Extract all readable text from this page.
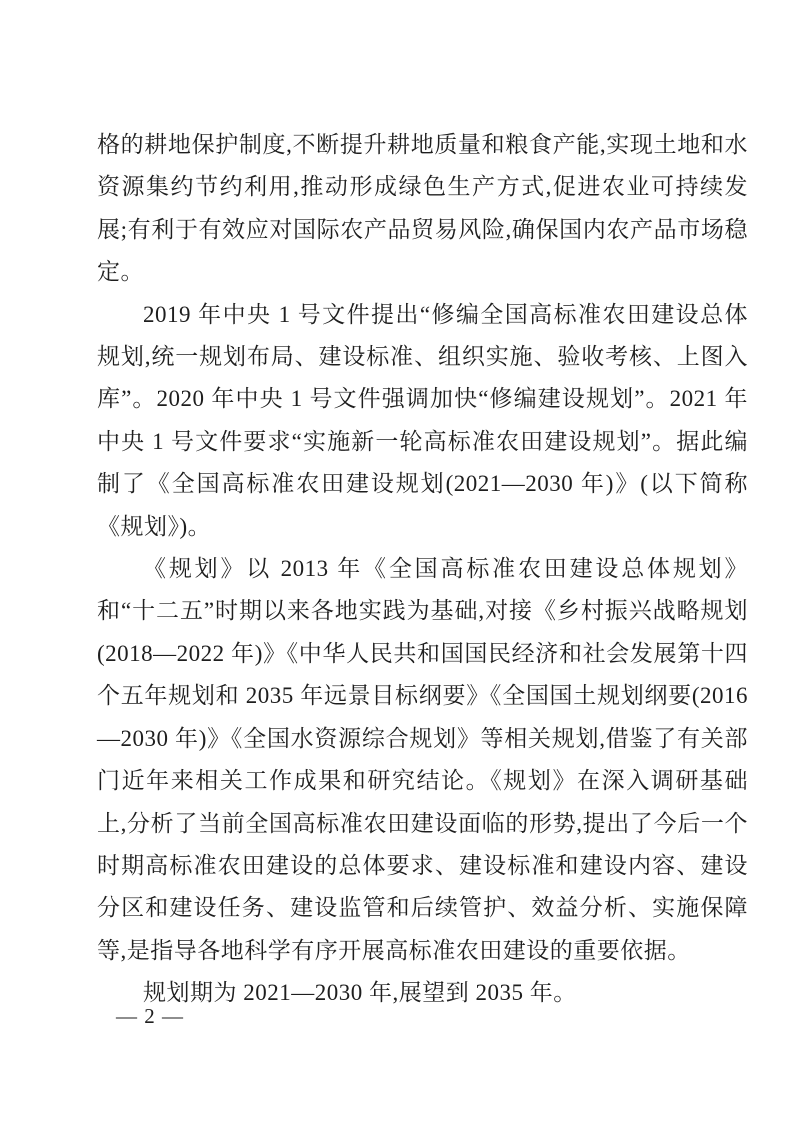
格的耕地保护制度,不断提升耕地质量和粮食产能,实现土地和水资源集约节约利用,推动形成绿色生产方式,促进农业可持续发展;有利于有效应对国际农产品贸易风险,确保国内农产品市场稳定。

2019 年中央 1 号文件提出“修编全国高标准农田建设总体规划,统一规划布局、建设标准、组织实施、验收考核、上图入库”。2020 年中央 1 号文件强调加快“修编建设规划”。2021 年中央 1 号文件要求“实施新一轮高标准农田建设规划”。据此编制了《全国高标准农田建设规划(2021—2030 年)》(以下简称《规划》)。

《规划》以 2013 年《全国高标准农田建设总体规划》和“十二五”时期以来各地实践为基础,对接《乡村振兴战略规划(2018—2022 年)》《中华人民共和国国民经济和社会发展第十四个五年规划和 2035 年远景目标纲要》《全国国土规划纲要(2016—2030 年)》《全国水资源综合规划》等相关规划,借鉴了有关部门近年来相关工作成果和研究结论。《规划》在深入调研基础上,分析了当前全国高标准农田建设面临的形势,提出了今后一个时期高标准农田建设的总体要求、建设标准和建设内容、建设分区和建设任务、建设监管和后续管护、效益分析、实施保障等,是指导各地科学有序开展高标准农田建设的重要依据。

规划期为 2021—2030 年,展望到 2035 年。

— 2 —
